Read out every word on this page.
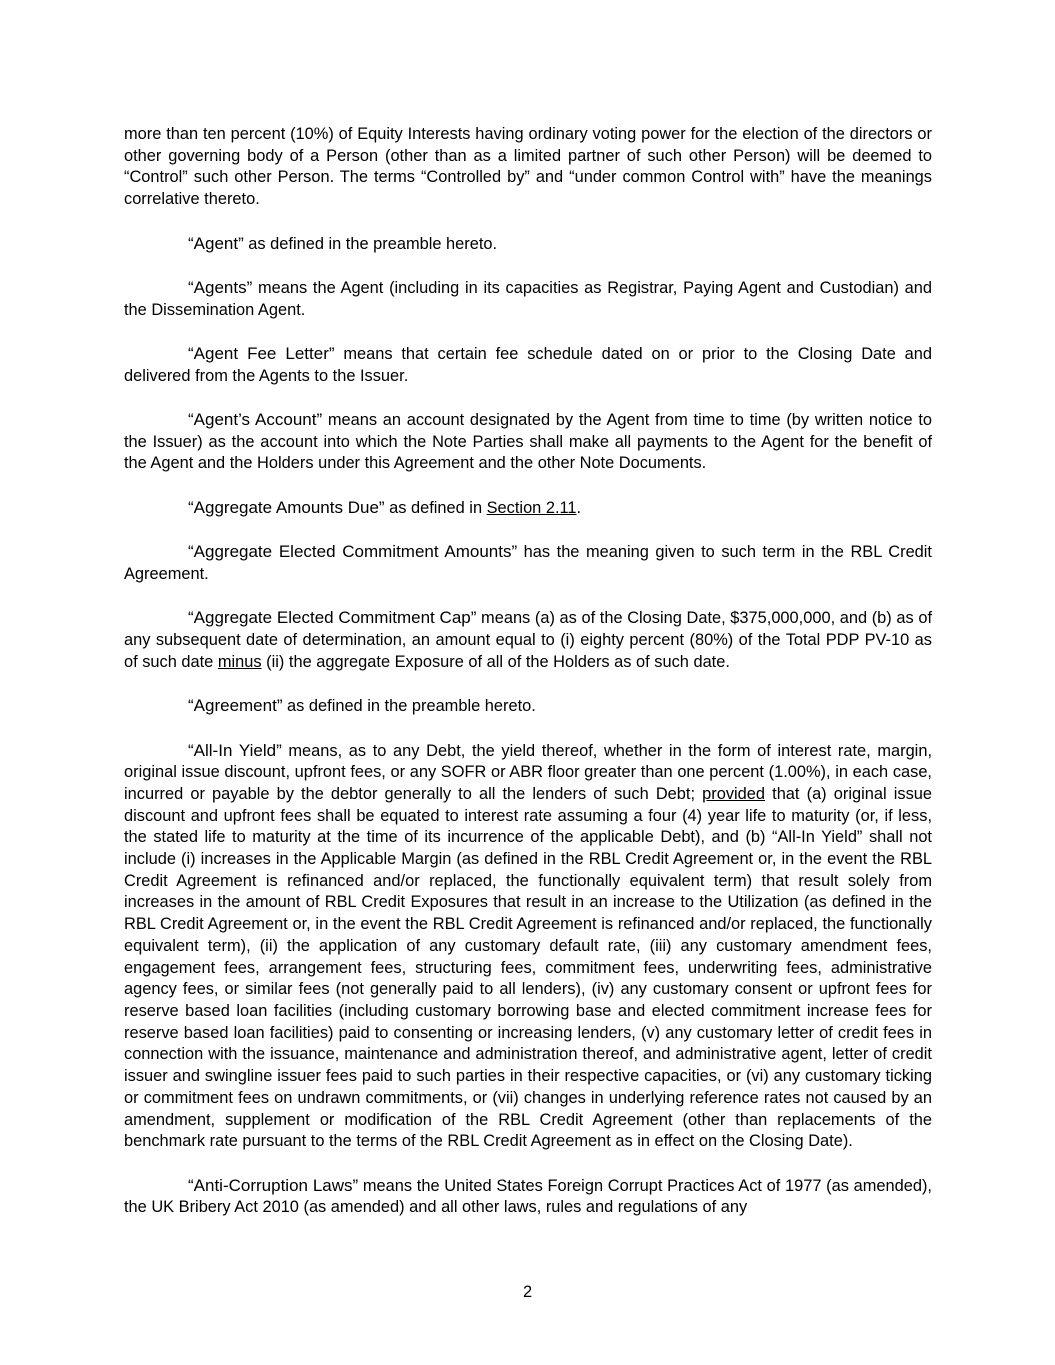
more than ten percent (10%) of Equity Interests having ordinary voting power for the election of the directors or other governing body of a Person (other than as a limited partner of such other Person) will be deemed to “Control” such other Person. The terms “Controlled by” and “under common Control with” have the meanings correlative thereto.

“Agent” as defined in the preamble hereto.

“Agents” means the Agent (including in its capacities as Registrar, Paying Agent and Custodian) and the Dissemination Agent.

“Agent Fee Letter” means that certain fee schedule dated on or prior to the Closing Date and delivered from the Agents to the Issuer.

“Agent’s Account” means an account designated by the Agent from time to time (by written notice to the Issuer) as the account into which the Note Parties shall make all payments to the Agent for the benefit of the Agent and the Holders under this Agreement and the other Note Documents.

“Aggregate Amounts Due” as defined in Section 2.11.

“Aggregate Elected Commitment Amounts” has the meaning given to such term in the RBL Credit Agreement.

“Aggregate Elected Commitment Cap” means (a) as of the Closing Date, $375,000,000, and (b) as of any subsequent date of determination, an amount equal to (i) eighty percent (80%) of the Total PDP PV-10 as of such date minus (ii) the aggregate Exposure of all of the Holders as of such date.

“Agreement” as defined in the preamble hereto.

“All-In Yield” means, as to any Debt, the yield thereof, whether in the form of interest rate, margin, original issue discount, upfront fees, or any SOFR or ABR floor greater than one percent (1.00%), in each case, incurred or payable by the debtor generally to all the lenders of such Debt; provided that (a) original issue discount and upfront fees shall be equated to interest rate assuming a four (4) year life to maturity (or, if less, the stated life to maturity at the time of its incurrence of the applicable Debt), and (b) “All-In Yield” shall not include (i) increases in the Applicable Margin (as defined in the RBL Credit Agreement or, in the event the RBL Credit Agreement is refinanced and/or replaced, the functionally equivalent term) that result solely from increases in the amount of RBL Credit Exposures that result in an increase to the Utilization (as defined in the RBL Credit Agreement or, in the event the RBL Credit Agreement is refinanced and/or replaced, the functionally equivalent term), (ii) the application of any customary default rate, (iii) any customary amendment fees, engagement fees, arrangement fees, structuring fees, commitment fees, underwriting fees, administrative agency fees, or similar fees (not generally paid to all lenders), (iv) any customary consent or upfront fees for reserve based loan facilities (including customary borrowing base and elected commitment increase fees for reserve based loan facilities) paid to consenting or increasing lenders, (v) any customary letter of credit fees in connection with the issuance, maintenance and administration thereof, and administrative agent, letter of credit issuer and swingline issuer fees paid to such parties in their respective capacities, or (vi) any customary ticking or commitment fees on undrawn commitments, or (vii) changes in underlying reference rates not caused by an amendment, supplement or modification of the RBL Credit Agreement (other than replacements of the benchmark rate pursuant to the terms of the RBL Credit Agreement as in effect on the Closing Date).

“Anti-Corruption Laws” means the United States Foreign Corrupt Practices Act of 1977 (as amended), the UK Bribery Act 2010 (as amended) and all other laws, rules and regulations of any

2
